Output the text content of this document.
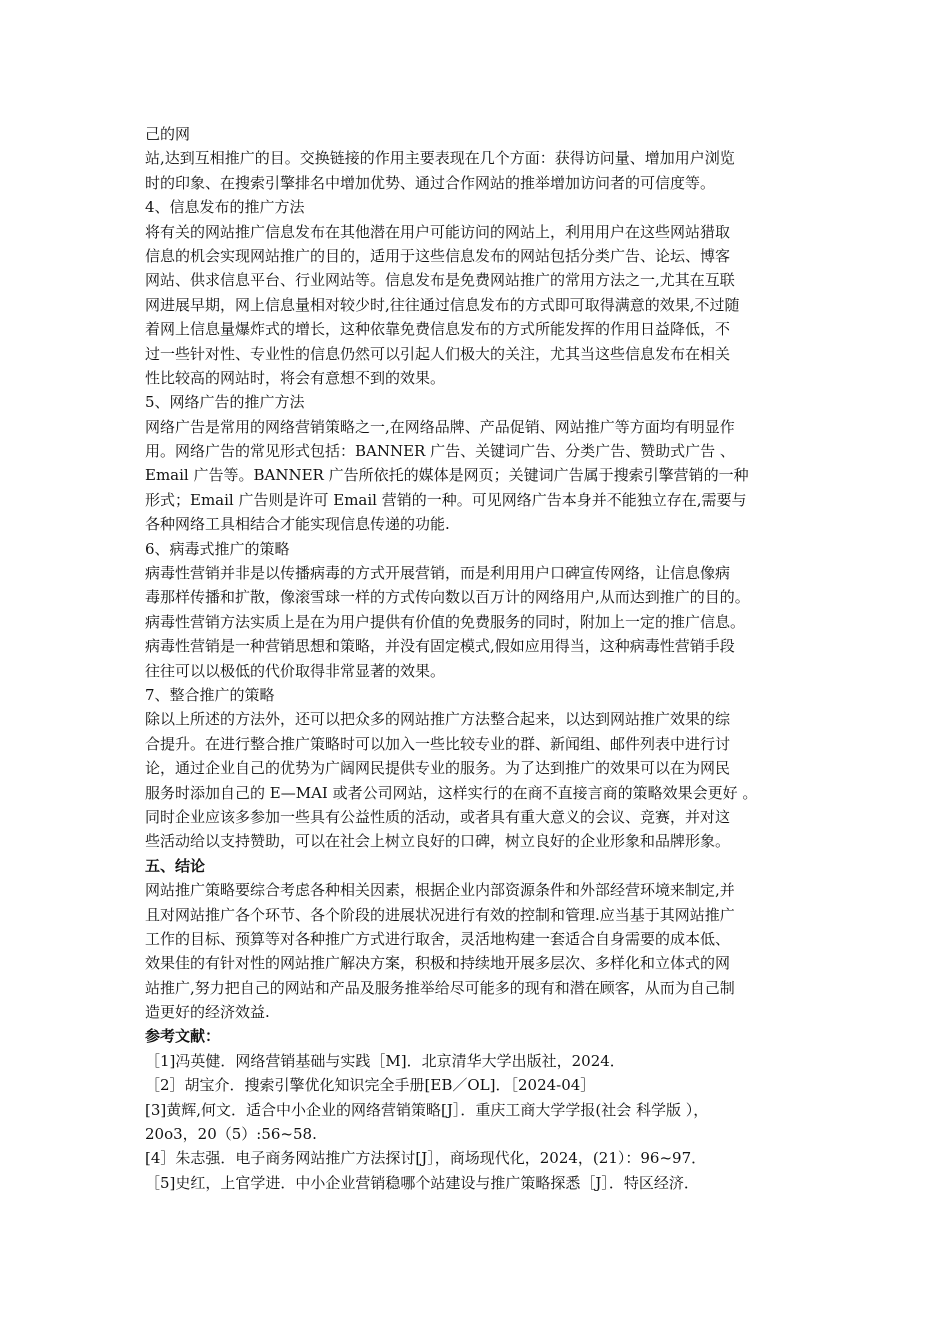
己的网
站,达到互相推广的目。交换链接的作用主要表现在几个方面：获得访问量、增加用户浏览
时的印象、在搜索引擎排名中增加优势、通过合作网站的推举增加访问者的可信度等。
4、信息发布的推广方法
将有关的网站推广信息发布在其他潜在用户可能访问的网站上，利用用户在这些网站猎取
信息的机会实现网站推广的目的，适用于这些信息发布的网站包括分类广告、论坛、博客
网站、供求信息平台、行业网站等。信息发布是免费网站推广的常用方法之一,尤其在互联
网进展早期，网上信息量相对较少时,往往通过信息发布的方式即可取得满意的效果,不过随
着网上信息量爆炸式的增长，这种依靠免费信息发布的方式所能发挥的作用日益降低，不
过一些针对性、专业性的信息仍然可以引起人们极大的关注，尤其当这些信息发布在相关
性比较高的网站时，将会有意想不到的效果。
5、网络广告的推广方法
网络广告是常用的网络营销策略之一,在网络品牌、产品促销、网站推广等方面均有明显作
用。网络广告的常见形式包括：BANNER 广告、关键词广告、分类广告、赞助式广告 、
Email 广告等。BANNER 广告所依托的媒体是网页；关键词广告属于搜索引擎营销的一种
形式；Email 广告则是许可 Email 营销的一种。可见网络广告本身并不能独立存在,需要与
各种网络工具相结合才能实现信息传递的功能.
6、病毒式推广的策略
病毒性营销并非是以传播病毒的方式开展营销，而是利用用户口碑宣传网络，让信息像病
毒那样传播和扩散，像滚雪球一样的方式传向数以百万计的网络用户,从而达到推广的目的。
病毒性营销方法实质上是在为用户提供有价值的免费服务的同时，附加上一定的推广信息。
病毒性营销是一种营销思想和策略，并没有固定模式,假如应用得当，这种病毒性营销手段
往往可以以极低的代价取得非常显著的效果。
7、整合推广的策略
除以上所述的方法外，还可以把众多的网站推广方法整合起来，以达到网站推广效果的综
合提升。在进行整合推广策略时可以加入一些比较专业的群、新闻组、邮件列表中进行讨
论，通过企业自己的优势为广阔网民提供专业的服务。为了达到推广的效果可以在为网民
服务时添加自己的 E—MAI 或者公司网站，这样实行的在商不直接言商的策略效果会更好 。
同时企业应该多参加一些具有公益性质的活动，或者具有重大意义的会议、竞赛，并对这
些活动给以支持赞助，可以在社会上树立良好的口碑，树立良好的企业形象和品牌形象。
五、结论
网站推广策略要综合考虑各种相关因素，根据企业内部资源条件和外部经营环境来制定,并
且对网站推广各个环节、各个阶段的进展状况进行有效的控制和管理.应当基于其网站推广
工作的目标、预算等对各种推广方式进行取舍，灵活地构建一套适合自身需要的成本低、
效果佳的有针对性的网站推广解决方案，积极和持续地开展多层次、多样化和立体式的网
站推广,努力把自己的网站和产品及服务推举给尽可能多的现有和潜在顾客，从而为自己制
造更好的经济效益.
参考文献：
［1]冯英健．网络营销基础与实践［M]．北京清华大学出版社，2024．
［2］胡宝介．搜索引擎优化知识完全手册[EB／OL]．［2024-04］
[3]黄辉,何文．适合中小企业的网络营销策略[J］．重庆工商大学学报(社会 科学版 ），
20o3，20（5）:56~58.
[4］朱志强．电子商务网站推广方法探讨[J］，商场现代化，2024，(21）：96~97．
［5]史红，上官学进．中小企业营销稳哪个站建设与推广策略探悉［J］．特区经济．
